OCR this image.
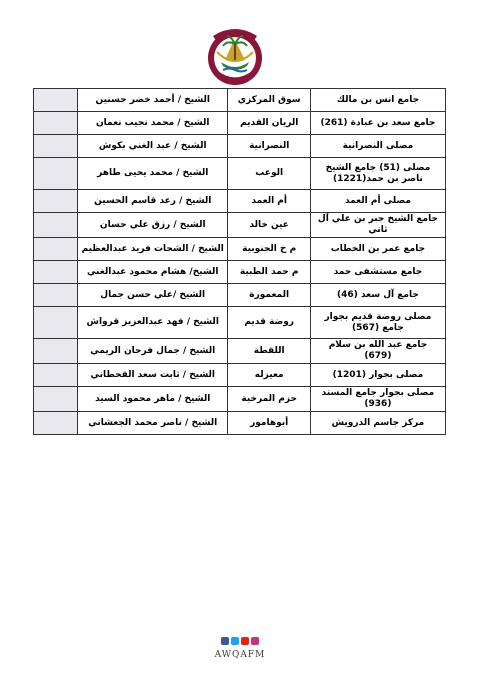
جامع انس بن مالك	سوق المركزي	الشيخ / أحمد خضر حسنين	
جامع سعد بن عبادة (261)	الريان القديم	الشيخ / محمد نجيب نعمان	
مصلى النصرانية	النصرانية	الشيخ / عبد الغني بكوش	
مصلى (51) جامع الشيخ ناصر بن حمد(1221)	الوعب	الشيخ / محمد يحيى طاهر	
مصلى أم العمد	أم العمد	الشيخ / رعد قاسم الحسين	
جامع الشيخ جبر بن علي آل ثاني	عين خالد	الشيخ / رزق علي حسان	
جامع عمر بن الخطاب	م خ الجنوبية	الشيخ / الشحات فريد عبدالعظيم	
جامع مستشفى حمد	م حمد الطبية	الشيخ/ هشام محمود عبدالغني	
جامع آل سعد (46)	المعمورة	الشيخ /علي حسن جمال	
مصلى روضة قديم بجوار جامع (567)	روضة قديم	الشيخ / فهد عبدالعزيز قرواش	
جامع عبد الله بن سلام (679)	اللقطة	الشيخ / جمال فرحان الريمي	
مصلى بجوار (1201)	معيزله	الشيخ / ثابت سعد القحطاني	
مصلى بجوار جامع المسند (936)	حزم المرخية	الشيخ / ماهر محمود السيد	
مركز جاسم الدرويش	أبوهامور	الشيخ / ناصر محمد الجعشاني	
AWQAFM
